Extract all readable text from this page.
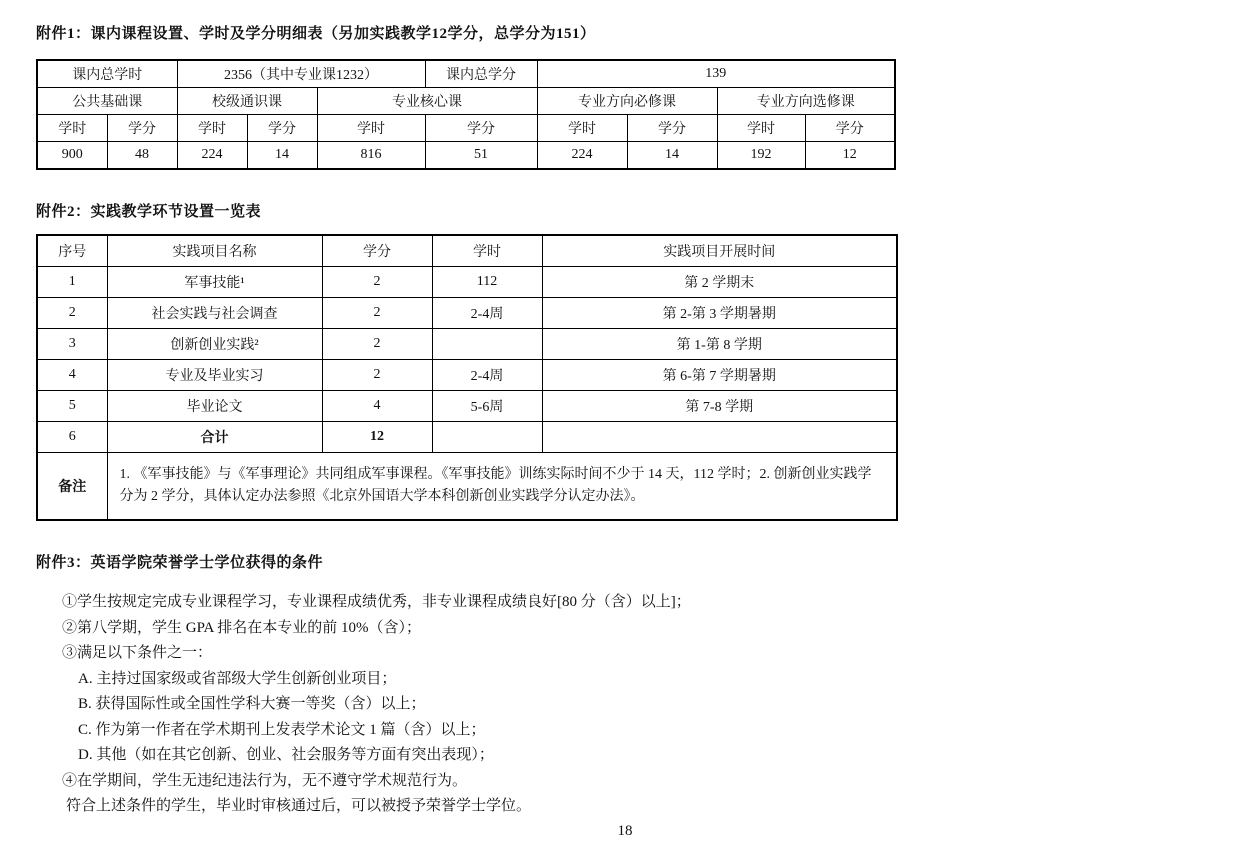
附件1：课内课程设置、学时及学分明细表（另加实践教学12学分，总学分为151）
课内总学时		2356（其中专业课1232）			课内总学分	139			
公共基础课		校级通识课		专业核心课		专业方向必修课		专业方向选修课	
学时	学分	学时	学分	学时	学分	学时	学分	学时	学分
900	48	224	14	816	51	224	14	192	12
附件2：实践教学环节设置一览表
序号	实践项目名称	学分	学时	实践项目开展时间
1	军事技能¹	2	112	第 2 学期末
2	社会实践与社会调查	2	2-4周	第 2-第 3 学期暑期
3	创新创业实践²	2		第 1-第 8 学期
4	专业及毕业实习	2	2-4周	第 6-第 7 学期暑期
5	毕业论文	4	5-6周	第 7-8 学期
6	合计	12		
备注	1. 《军事技能》与《军事理论》共同组成军事课程。《军事技能》训练实际时间不少于 14 天，112 学时；2. 创新创业实践学分为 2 学分，具体认定办法参照《北京外国语大学本科创新创业实践学分认定办法》。			
附件3：英语学院荣誉学士学位获得的条件
①学生按规定完成专业课程学习，专业课程成绩优秀，非专业课程成绩良好[80 分（含）以上]；
②第八学期，学生 GPA 排名在本专业的前 10%（含）；
③满足以下条件之一：
A. 主持过国家级或省部级大学生创新创业项目；
B. 获得国际性或全国性学科大赛一等奖（含）以上；
C. 作为第一作者在学术期刊上发表学术论文 1 篇（含）以上；
D. 其他（如在其它创新、创业、社会服务等方面有突出表现）；
④在学期间，学生无违纪违法行为，无不遵守学术规范行为。
符合上述条件的学生，毕业时审核通过后，可以被授予荣誉学士学位。
18
